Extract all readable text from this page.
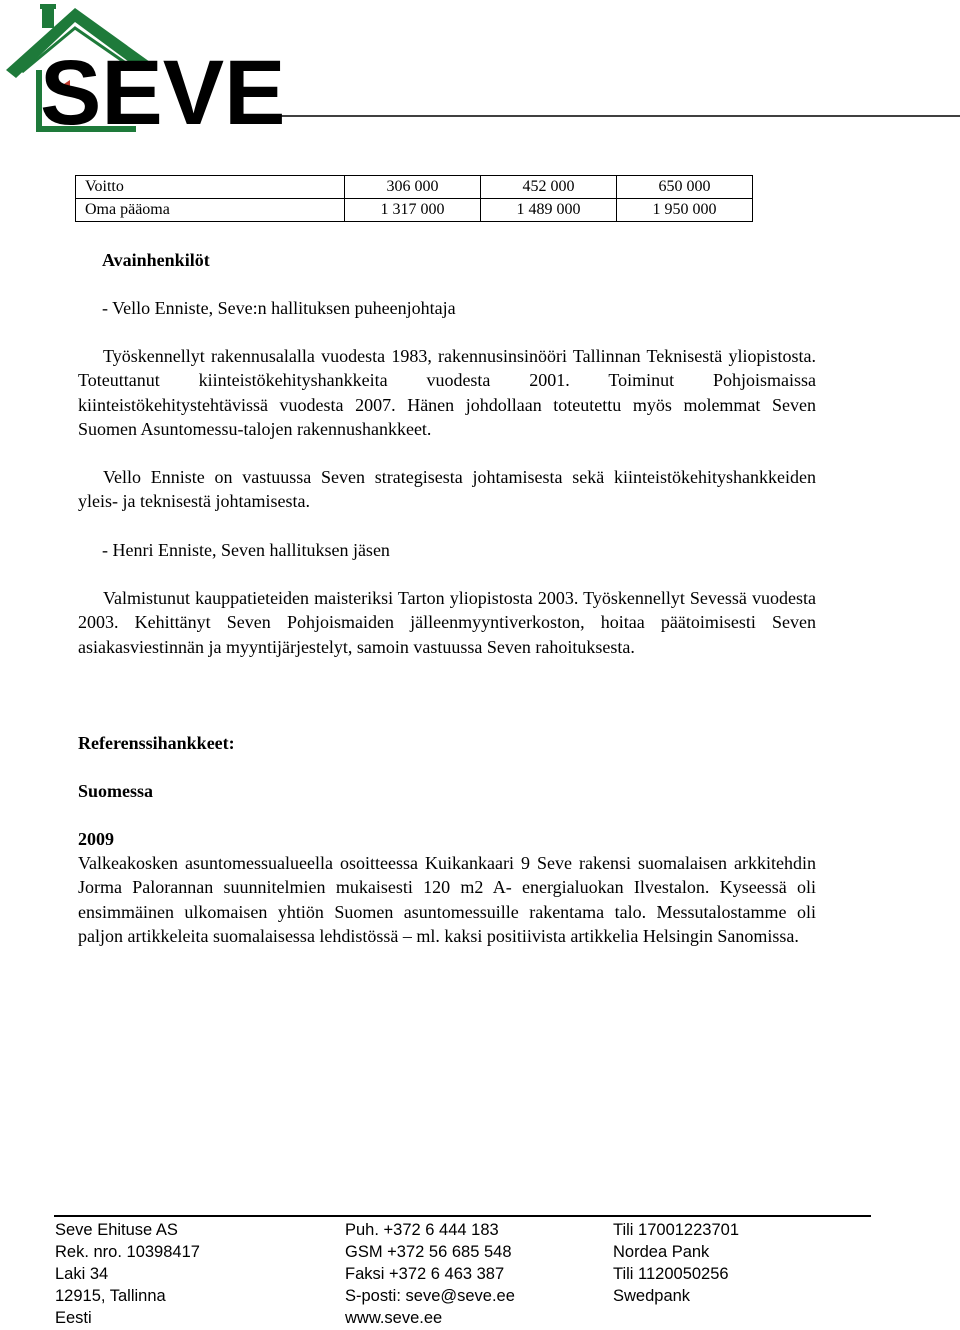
SEVE
Voitto	306 000	452 000	650 000
Oma pääoma	1 317 000	1 489 000	1 950 000
Avainhenkilöt
- Vello Enniste, Seve:n hallituksen puheenjohtaja
Työskennellyt rakennusalalla vuodesta 1983, rakennusinsinööri Tallinnan Teknisestä yliopistosta. Toteuttanut kiinteistökehityshankkeita vuodesta 2001. Toiminut Pohjoismaissa kiinteistökehitystehtävissä vuodesta 2007. Hänen johdollaan toteutettu myös molemmat Seven Suomen Asuntomessu-talojen rakennushankkeet.
Vello Enniste on vastuussa Seven strategisesta johtamisesta sekä kiinteistökehityshankkeiden yleis- ja teknisestä johtamisesta.
- Henri Enniste, Seven hallituksen jäsen
Valmistunut kauppatieteiden maisteriksi Tarton yliopistosta 2003. Työskennellyt Sevessä vuodesta 2003. Kehittänyt Seven Pohjoismaiden jälleenmyyntiverkoston, hoitaa päätoimisesti Seven asiakasviestinnän ja myyntijärjestelyt, samoin vastuussa Seven rahoituksesta.
Referenssihankkeet:
Suomessa
2009
Valkeakosken asuntomessualueella osoitteessa Kuikankaari 9 Seve rakensi suomalaisen arkkitehdin Jorma Palorannan suunnitelmien mukaisesti 120 m2 A- energialuokan Ilvestalon. Kyseessä oli ensimmäinen ulkomaisen yhtiön Suomen asuntomessuille rakentama talo. Messutalostamme oli paljon artikkeleita suomalaisessa lehdistössä – ml. kaksi positiivista artikkelia Helsingin Sanomissa.
Seve Ehituse AS
Rek. nro. 10398417
Laki 34
12915, Tallinna
Eesti
Puh. +372 6 444 183
GSM +372 56 685 548
Faksi +372 6 463 387
S-posti: seve@seve.ee
www.seve.ee
Tili 17001223701
Nordea Pank
Tili 1120050256
Swedpank
